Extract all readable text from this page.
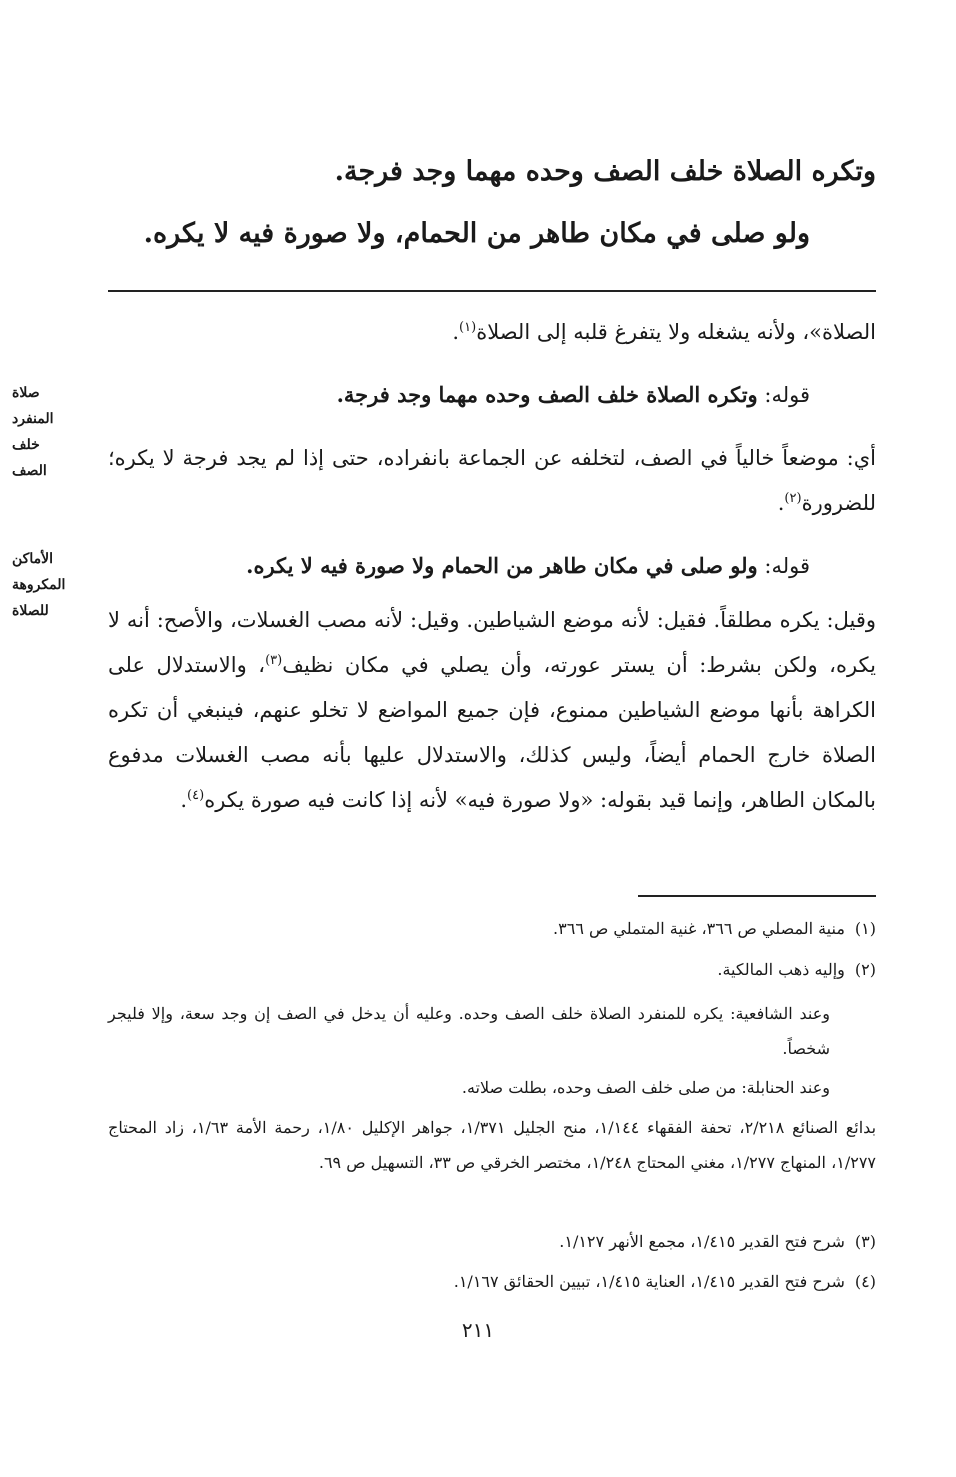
وتكره الصلاة خلف الصف وحده مهما وجد فرجة.
ولو صلى في مكان طاهر من الحمام، ولا صورة فيه لا يكره.
الصلاة»، ولأنه يشغله ولا يتفرغ قلبه إلى الصلاة$^{(١)}$.
قوله: وتكره الصلاة خلف الصف وحده مهما وجد فرجة.
أي: موضعاً خالياً في الصف، لتخلفه عن الجماعة بانفراده، حتى إذا لم يجد فرجة لا يكره؛ للضرورة$^{(٢)}$.
قوله: ولو صلى في مكان طاهر من الحمام ولا صورة فيه لا يكره.
وقيل: يكره مطلقاً. فقيل: لأنه موضع الشياطين. وقيل: لأنه مصب الغسلات، والأصح: أنه لا يكره، ولكن بشرط: أن يستر عورته، وأن يصلي في مكان نظيف$^{(٣)}$، والاستدلال على الكراهة بأنها موضع الشياطين ممنوع، فإن جميع المواضع لا تخلو عنهم، فينبغي أن تكره الصلاة خارج الحمام أيضاً، وليس كذلك، والاستدلال عليها بأنه مصب الغسلات مدفوع بالمكان الطاهر، وإنما قيد بقوله: «ولا صورة فيه» لأنه إذا كانت فيه صورة يكره$^{(٤)}$.
صلاة
المنفرد
خلف
الصف
الأماكن
المكروهة
للصلاة
(١)منية المصلي ص ٣٦٦، غنية المتملي ص ٣٦٦.
(٢)وإليه ذهب المالكية.
وعند الشافعية: يكره للمنفرد الصلاة خلف الصف وحده. وعليه أن يدخل في الصف إن وجد سعة، وإلا فليجر شخصاً.
وعند الحنابلة: من صلى خلف الصف وحده، بطلت صلاته.
بدائع الصنائع ٢/٢١٨، تحفة الفقهاء ١/١٤٤، منح الجليل ١/٣٧١، جواهر الإكليل ١/٨٠، رحمة الأمة ١/٦٣، زاد المحتاج ١/٢٧٧، المنهاج ١/٢٧٧، مغني المحتاج ١/٢٤٨، مختصر الخرقي ص ٣٣، التسهيل ص ٦٩.
(٣)شرح فتح القدير ١/٤١٥، مجمع الأنهر ١/١٢٧.
(٤)شرح فتح القدير ١/٤١٥، العناية ١/٤١٥، تبيين الحقائق ١/١٦٧.
٢١١
